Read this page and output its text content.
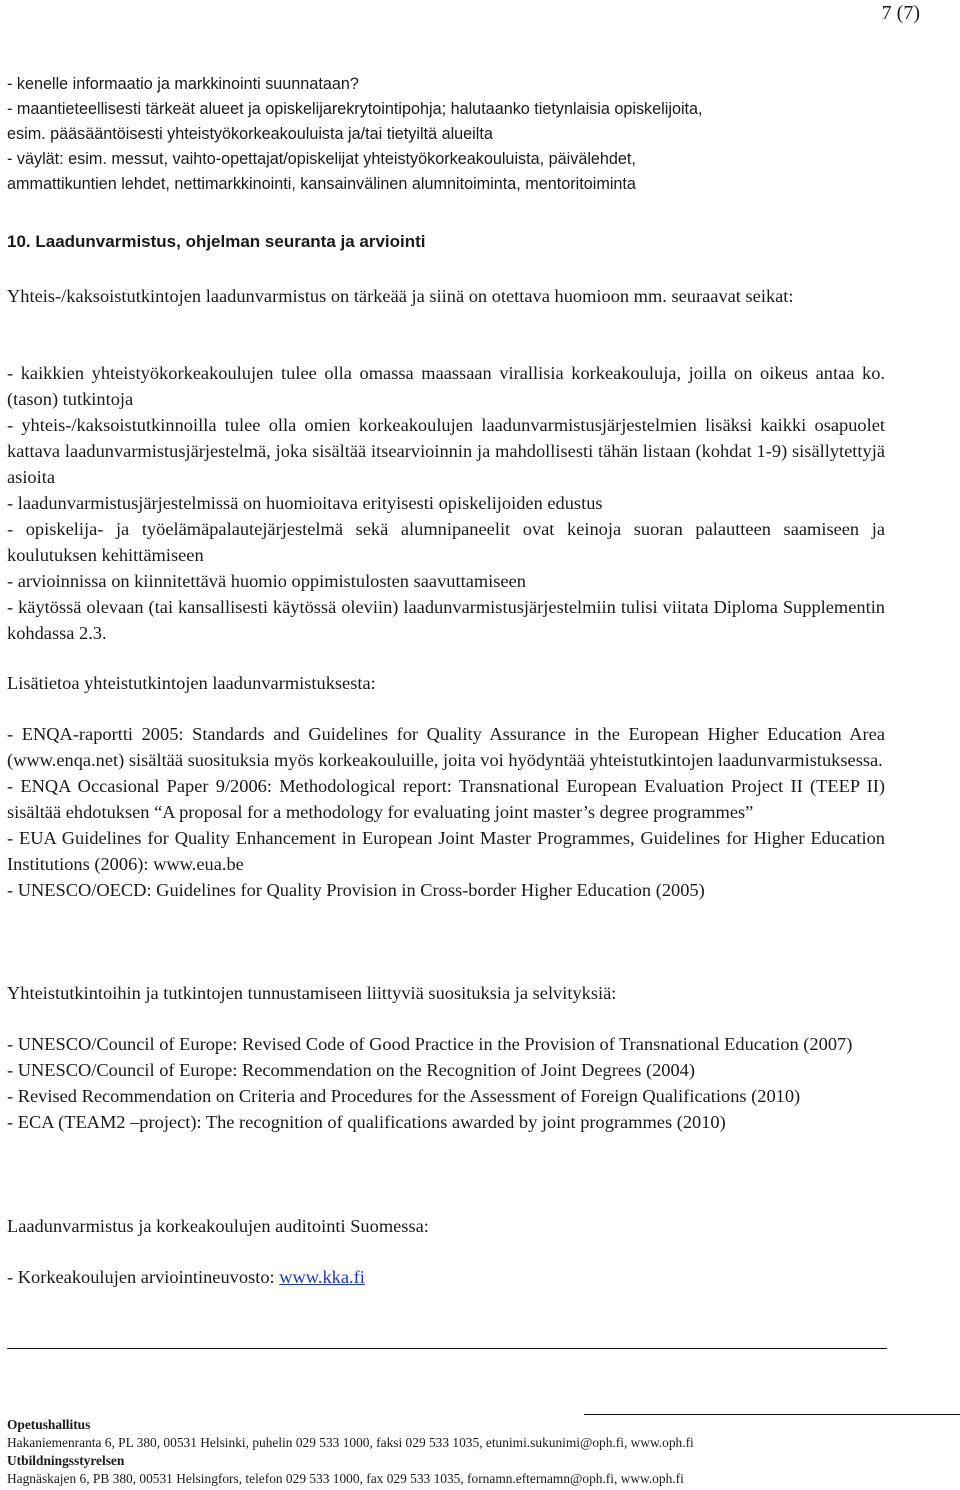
7 (7)

- kenelle informaatio ja markkinointi suunnataan?

- maantieteellisesti tärkeät alueet ja opiskelijarekrytointipohja; halutaanko tietynlaisia opiskelijoita,

esim. pääsääntöisesti yhteistyökorkeakouluista ja/tai tietyiltä alueilta

- väylät: esim. messut, vaihto-opettajat/opiskelijat yhteistyökorkeakouluista, päivälehdet,

ammattikuntien lehdet, nettimarkkinointi, kansainvälinen alumnitoiminta, mentoritoiminta

10. Laadunvarmistus, ohjelman seuranta ja arviointi
Yhteis-/kaksoistutkintojen laadunvarmistus on tärkeää ja siinä on otettava huomioon mm. seuraavat seikat:

- kaikkien yhteistyökorkeakoulujen tulee olla omassa maassaan virallisia korkeakouluja, joilla on oikeus antaa ko. (tason) tutkintoja

- yhteis-/kaksoistutkinnoilla tulee olla omien korkeakoulujen laadunvarmistusjärjestelmien lisäksi kaikki osapuolet kattava laadunvarmistusjärjestelmä, joka sisältää itsearvioinnin ja mahdollisesti tähän listaan (kohdat 1-9) sisällytettyjä asioita

- laadunvarmistusjärjestelmissä on huomioitava erityisesti opiskelijoiden edustus

- opiskelija- ja työelämäpalautejärjestelmä sekä alumnipaneelit ovat keinoja suoran palautteen saamiseen ja koulutuksen kehittämiseen

- arvioinnissa on kiinnitettävä huomio oppimistulosten saavuttamiseen

- käytössä olevaan (tai kansallisesti käytössä oleviin) laadunvarmistusjärjestelmiin tulisi viitata Diploma Supplementin kohdassa 2.3.

Lisätietoa yhteistutkintojen laadunvarmistuksesta:

- ENQA-raportti 2005: Standards and Guidelines for Quality Assurance in the European Higher Education Area (www.enqa.net) sisältää suosituksia myös korkeakouluille, joita voi hyödyntää yhteistutkintojen laadunvarmistuksessa.

- ENQA Occasional Paper 9/2006: Methodological report: Transnational European Evaluation Project II (TEEP II) sisältää ehdotuksen “A proposal for a methodology for evaluating joint master’s degree programmes”

- EUA Guidelines for Quality Enhancement in European Joint Master Programmes, Guidelines for Higher Education Institutions (2006): www.eua.be

- UNESCO/OECD: Guidelines for Quality Provision in Cross-border Higher Education (2005)

Yhteistutkintoihin ja tutkintojen tunnustamiseen liittyviä suosituksia ja selvityksiä:

- UNESCO/Council of Europe: Revised Code of Good Practice in the Provision of Transnational Education (2007)

- UNESCO/Council of Europe: Recommendation on the Recognition of Joint Degrees (2004)

- Revised Recommendation on Criteria and Procedures for the Assessment of Foreign Qualifications (2010)

- ECA (TEAM2 –project): The recognition of qualifications awarded by joint programmes (2010)

Laadunvarmistus ja korkeakoulujen auditointi Suomessa:
- Korkeakoulujen arviointineuvosto: www.kka.fi
Opetushallitus
Hakaniemenranta 6, PL 380, 00531 Helsinki, puhelin 029 533 1000, faksi 029 533 1035, etunimi.sukunimi@oph.fi, www.oph.fi
Utbildningsstyrelsen
Hagnäskajen 6, PB 380, 00531 Helsingfors, telefon 029 533 1000, fax 029 533 1035, fornamn.efternamn@oph.fi, www.oph.fi
